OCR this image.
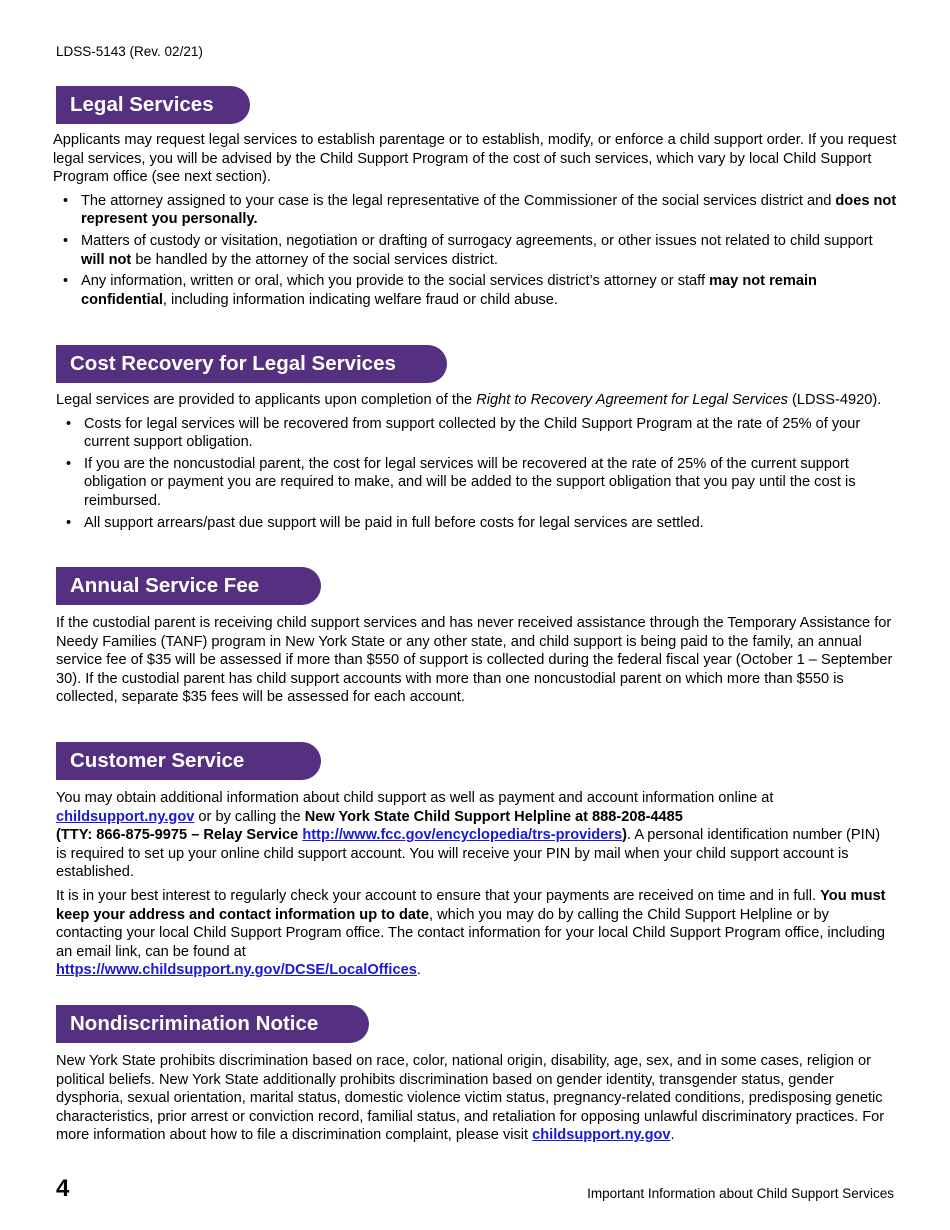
LDSS-5143 (Rev. 02/21)
Legal Services

Applicants may request legal services to establish parentage or to establish, modify, or enforce a child support order. If you request legal services, you will be advised by the Child Support Program of the cost of such services, which vary by local Child Support Program office (see next section).

• The attorney assigned to your case is the legal representative of the Commissioner of the social services district and does not represent you personally.
• Matters of custody or visitation, negotiation or drafting of surrogacy agreements, or other issues not related to child support will not be handled by the attorney of the social services district.
• Any information, written or oral, which you provide to the social services district’s attorney or staff may not remain confidential, including information indicating welfare fraud or child abuse.
Cost Recovery for Legal Services

Legal services are provided to applicants upon completion of the Right to Recovery Agreement for Legal Services (LDSS-4920).

• Costs for legal services will be recovered from support collected by the Child Support Program at the rate of 25% of your current support obligation.
• If you are the noncustodial parent, the cost for legal services will be recovered at the rate of 25% of the current support obligation or payment you are required to make, and will be added to the support obligation that you pay until the cost is reimbursed.
• All support arrears/past due support will be paid in full before costs for legal services are settled.
Annual Service Fee

If the custodial parent is receiving child support services and has never received assistance through the Temporary Assistance for Needy Families (TANF) program in New York State or any other state, and child support is being paid to the family, an annual service fee of $35 will be assessed if more than $550 of support is collected during the federal fiscal year (October 1 – September 30). If the custodial parent has child support accounts with more than one noncustodial parent on which more than $550 is collected, separate $35 fees will be assessed for each account.

Customer Service

You may obtain additional information about child support as well as payment and account information online at childsupport.ny.gov or by calling the New York State Child Support Helpline at 888-208-4485
(TTY: 866-875-9975 – Relay Service http://www.fcc.gov/encyclopedia/trs-providers). A personal identification number (PIN) is required to set up your online child support account. You will receive your PIN by mail when your child support account is established.

It is in your best interest to regularly check your account to ensure that your payments are received on time and in full. You must keep your address and contact information up to date, which you may do by calling the Child Support Helpline or by contacting your local Child Support Program office. The contact information for your local Child Support Program office, including an email link, can be found at
https://www.childsupport.ny.gov/DCSE/LocalOffices.

Nondiscrimination Notice

New York State prohibits discrimination based on race, color, national origin, disability, age, sex, and in some cases, religion or political beliefs. New York State additionally prohibits discrimination based on gender identity, transgender status, gender dysphoria, sexual orientation, marital status, domestic violence victim status, pregnancy-related conditions, predisposing genetic characteristics, prior arrest or conviction record, familial status, and retaliation for opposing unlawful discriminatory practices. For more information about how to file a discrimination complaint, please visit childsupport.ny.gov.

4	Important Information about Child Support Services
